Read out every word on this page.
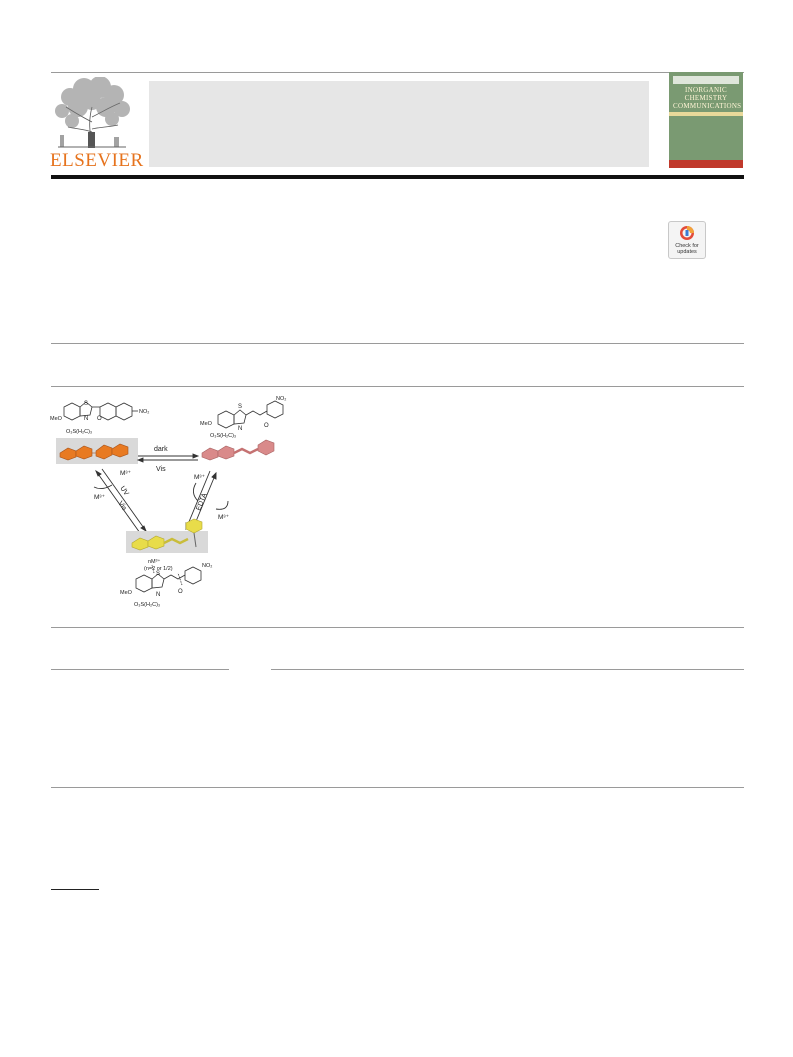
ELSEVIER
INORGANIC CHEMISTRY COMMUNICATIONS
Check for
updates
S
N O
MeO
NO₂
O₃S(H₂C)₃
S
N	O
NO₂
MeO
O₃S(H₂C)₃
dark
Vis
UV
Vis
M³⁺
M³⁺	EDTA
M³⁺
M³⁺
nM³⁺
(n=2 or 1/2)
S
N	O
NO₂
MeO
O₃S(H₂C)₃
